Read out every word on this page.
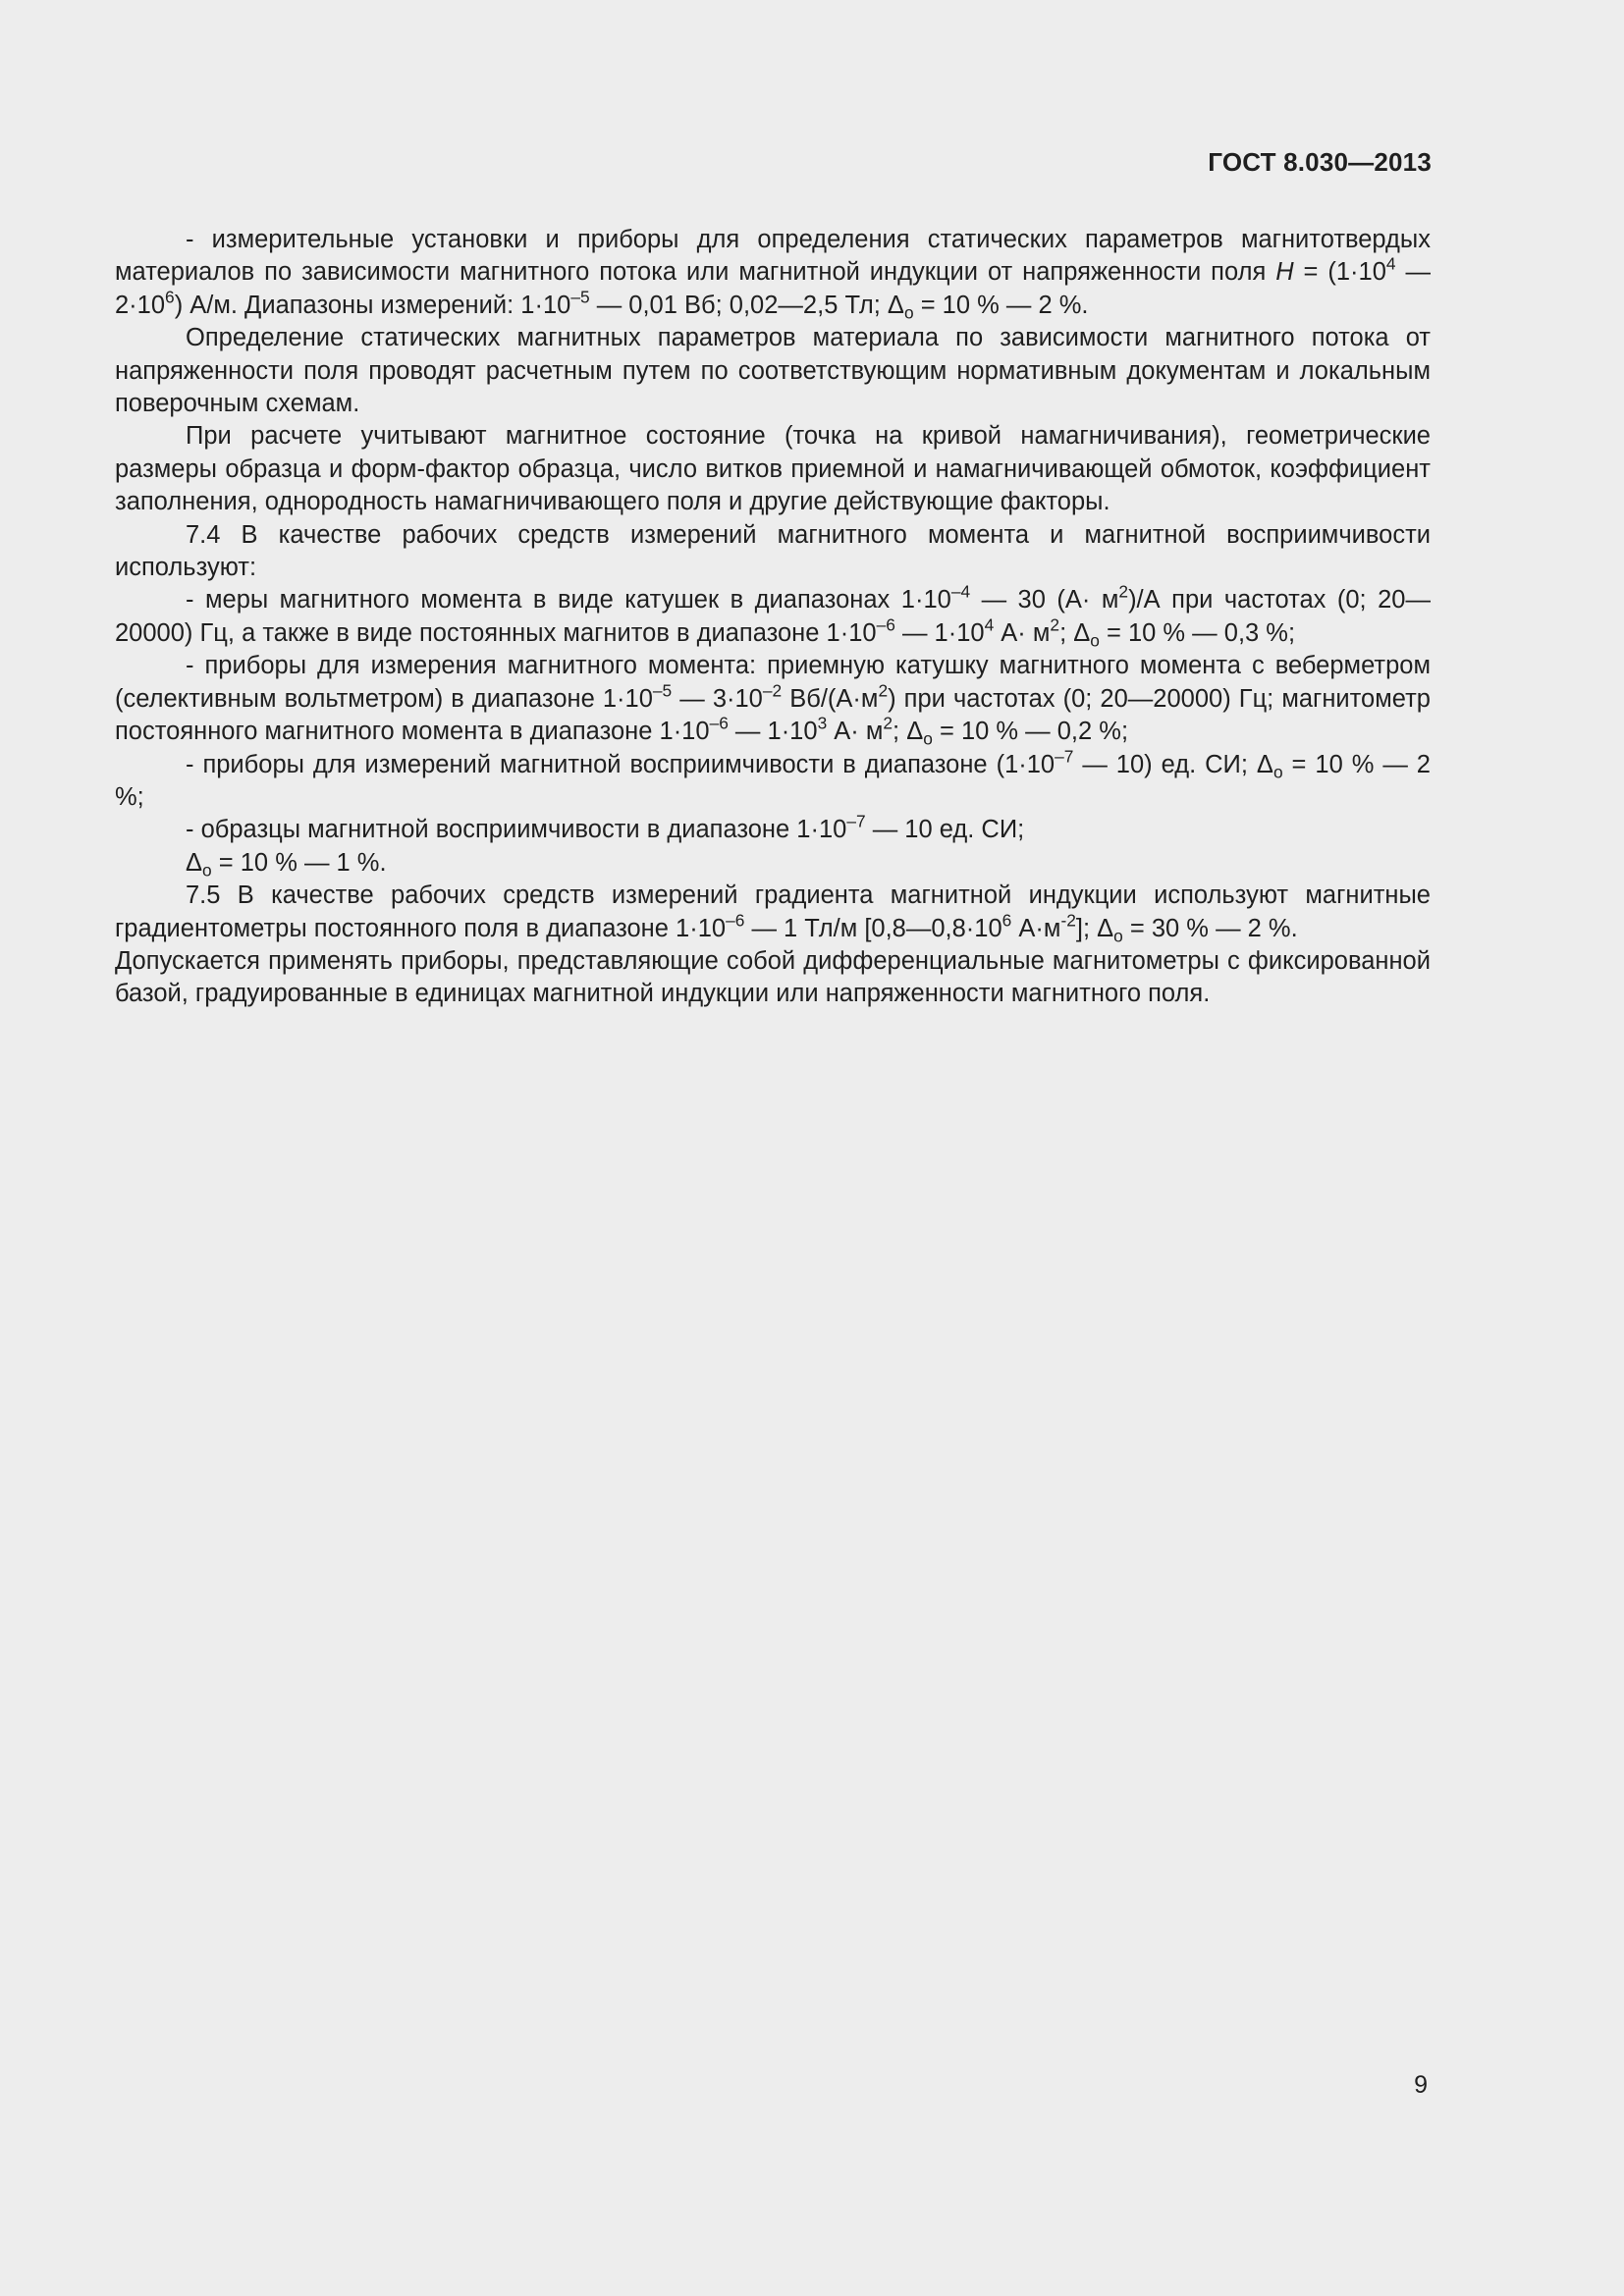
ГОСТ 8.030—2013

- измерительные установки и приборы для определения статических параметров магнитотвердых материалов по зависимости магнитного потока или магнитной индукции от напряженности поля $H = (1\cdot 10^4$ — $2\cdot 10^6$) А/м. Диапазоны измерений: $1\cdot 10^{-5}$ — 0,01 Вб; 0,02—2,5 Тл; $\Delta_о = 10$ % — 2 %.

Определение статических магнитных параметров материала по зависимости магнитного потока от напряженности поля проводят расчетным путем по соответствующим нормативным документам и локальным поверочным схемам.

При расчете учитывают магнитное состояние (точка на кривой намагничивания), геометрические размеры образца и форм-фактор образца, число витков приемной и намагничивающей обмоток, коэффициент заполнения, однородность намагничивающего поля и другие действующие факторы.

7.4 В качестве рабочих средств измерений магнитного момента и магнитной восприимчивости используют:

- меры магнитного момента в виде катушек в диапазонах $1\cdot 10^{-4}$ — 30 $(А\cdot м^2)/А$ при частотах (0; 20—20000) Гц, а также в виде постоянных магнитов в диапазоне $1\cdot 10^{-6}$ — $1\cdot 10^4$ $А\cdot м^2$; $\Delta_о = 10$ % — 0,3 %;

- приборы для измерения магнитного момента: приемную катушку магнитного момента с веберметром (селективным вольтметром) в диапазоне $1\cdot 10^{-5}$ — $3\cdot 10^{-2}$ $Вб/(А\cdot м^2)$ при частотах (0; 20—20000) Гц; магнитометр постоянного магнитного момента в диапазоне $1\cdot 10^{-6}$ — $1\cdot 10^3$ $А\cdot м^2$; $\Delta_о = 10$ % — 0,2 %;

- приборы для измерений магнитной восприимчивости в диапазоне ($1\cdot 10^{-7}$ — 10) ед. СИ; $\Delta_о = 10$ % — 2 %;

- образцы магнитной восприимчивости в диапазоне $1\cdot 10^{-7}$ — 10 ед. СИ;

$\Delta_о = 10$ % — 1 %.

7.5 В качестве рабочих средств измерений градиента магнитной индукции используют магнитные градиентометры постоянного поля в диапазоне $1\cdot 10^{-6}$ — 1 Тл/м [$0,8—0,8\cdot 10^6$ $А\cdot м^{-2}$]; $\Delta_о = 30$ % — 2 %.

Допускается применять приборы, представляющие собой дифференциальные магнитометры с фиксированной базой, градуированные в единицах магнитной индукции или напряженности магнитного поля.

9
